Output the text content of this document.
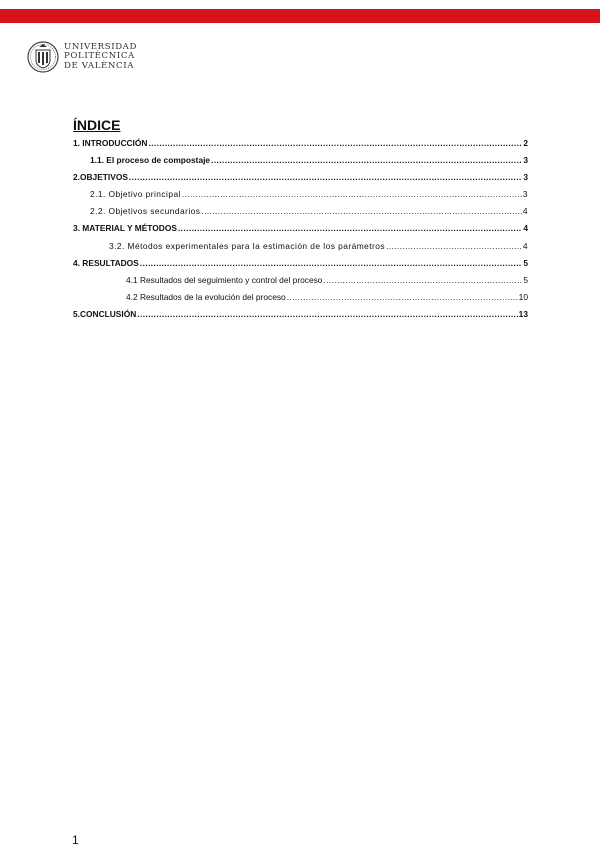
UNIVERSIDAD
POLITÈCNICA
DE VALÈNCIA
ÍNDICE
1. INTRODUCCIÓN .....	2
1.1. El proceso de compostaje .....	3
2.OBJETIVOS .....	3
2.1. Objetivo principal .....	3
2.2. Objetivos secundarios .....	4
3. MATERIAL Y MÉTODOS .....	4
3.2. Métodos experimentales para la estimación de los parámetros .....	4
4. RESULTADOS .....	5
4.1 Resultados del seguimiento y control del proceso .....	5
4.2 Resultados de la evolución del proceso .....	10
5.CONCLUSIÓN .....	13
1
